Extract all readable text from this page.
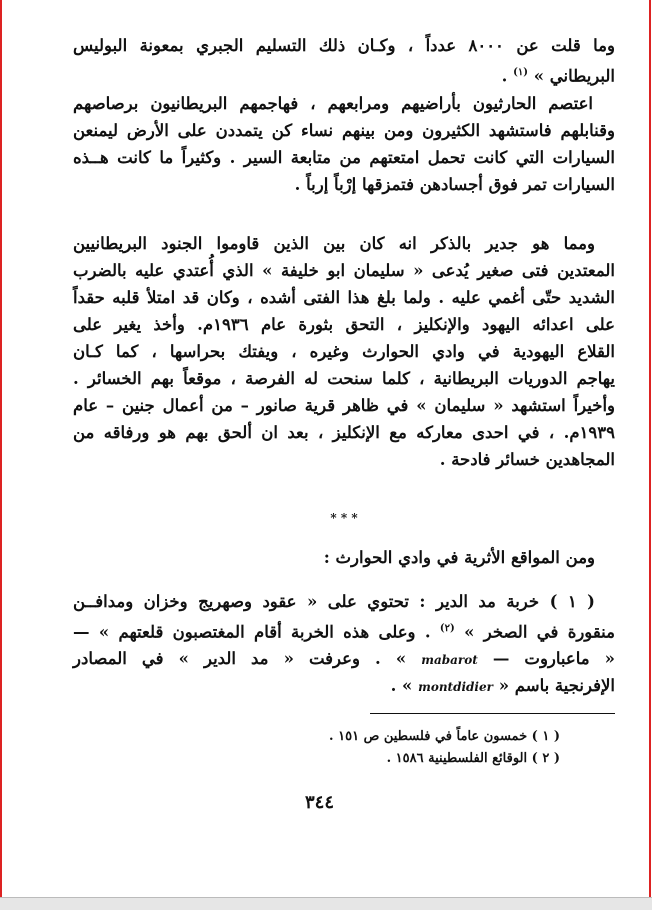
وما قلت عن ٨٠٠٠ عدداً ، وكـان ذلك التسليم الجبري بمعونة البوليس
البريطاني » $^{(١)}$ .
اعتصم الحارثيون بأراضيهم ومرابعهم ، فهاجمهم البريطانيون برصاصهم
وقنابلهم فاستشهد الكثيرون ومن بينهم نساء كن يتمددن على الأرض ليمنعن
السيارات التي كانت تحمل امتعتهم من متابعة السير . وكثيراً ما كانت هــذه
السيارات تمر فوق أجسادهن فتمزقها إرْباً إرباً .
ومما هو جدير بالذكر انه كان بين الذين قاوموا الجنود البريطانيين
المعتدين فتى صغير يُدعى « سليمان ابو خليفة » الذي أُعتدي عليه بالضرب
الشديد حتّى أغمي عليه . ولما بلغ هذا الفتى أشده ، وكان قد امتلأ قلبه حقداً
على اعدائه اليهود والإنكليز ، التحق بثورة عام ١٩٣٦م. وأخذ يغير على
القلاع اليهودية في وادي الحوارث وغيره ، ويفتك بحراسها ، كما كـان
يهاجم الدوريات البريطانية ، كلما سنحت له الفرصة ، موقعاً بهم الخسائر .
وأخيراً استشهد « سليمان » في ظاهر قرية صانور – من أعمال جنين – عام
١٩٣٩م. ، في احدى معاركه مع الإنكليز ، بعد ان ألحق بهم هو ورفاقه من
المجاهدين خسائر فادحة .
* * *
ومن المواقع الأثرية في وادي الحوارث :
( ١ ) خربة مد الدير : تحتوي على « عقود وصهريج وخزان ومدافــن
منقورة في الصخر » $^{(٢)}$ . وعلى هذه الخربة أقام المغتصبون قلعتهم » —
« ماعباروت — mabarot » . وعرفت « مد الدير » في المصادر
الإفرنجية باسم « montdidier » .
( ١ ) خمسون عاماً في فلسطين ص ١٥١ .
( ٢ ) الوقائع الفلسطينية ١٥٨٦ .
٣٤٤
